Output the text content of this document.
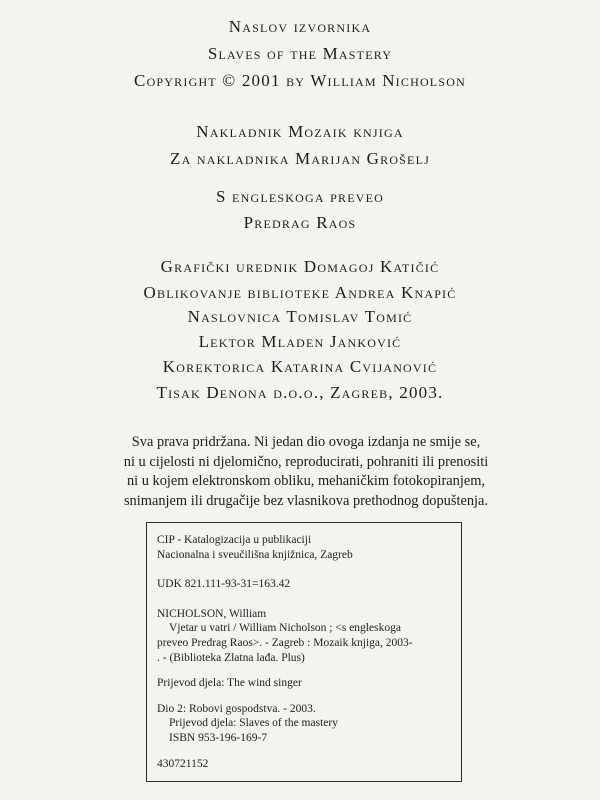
Naslov izvornika
Slaves of the Mastery
Copyright © 2001 by William Nicholson
Nakladnik Mozaik knjiga
Za nakladnika Marijan Grošelj
S engleskoga preveo
Predrag Raos
Grafički urednik Domagoj Katičić
Oblikovanje biblioteke Andrea Knapić
Naslovnica Tomislav Tomić
Lektor Mladen Janković
Korektorica Katarina Cvijanović
Tisak Denona d.o.o., Zagreb, 2003.
Sva prava pridržana. Ni jedan dio ovoga izdanja ne smije se,
ni u cijelosti ni djelomično, reproducirati, pohraniti ili prenositi
ni u kojem elektronskom obliku, mehaničkim fotokopiranjem,
snimanjem ili drugačije bez vlasnikova prethodnog dopuštenja.
CIP - Katalogizacija u publikaciji
Nacionalna i sveučilišna knjižnica, Zagreb
UDK 821.111-93-31=163.42
NICHOLSON, William
Vjetar u vatri / William Nicholson ; <s engleskoga
preveo Predrag Raos>. - Zagreb : Mozaik knjiga, 2003-
. - (Biblioteka Zlatna lađa. Plus)
Prijevod djela: The wind singer
Dio 2: Robovi gospodstva. - 2003.
Prijevod djela: Slaves of the mastery
ISBN 953-196-169-7
430721152
